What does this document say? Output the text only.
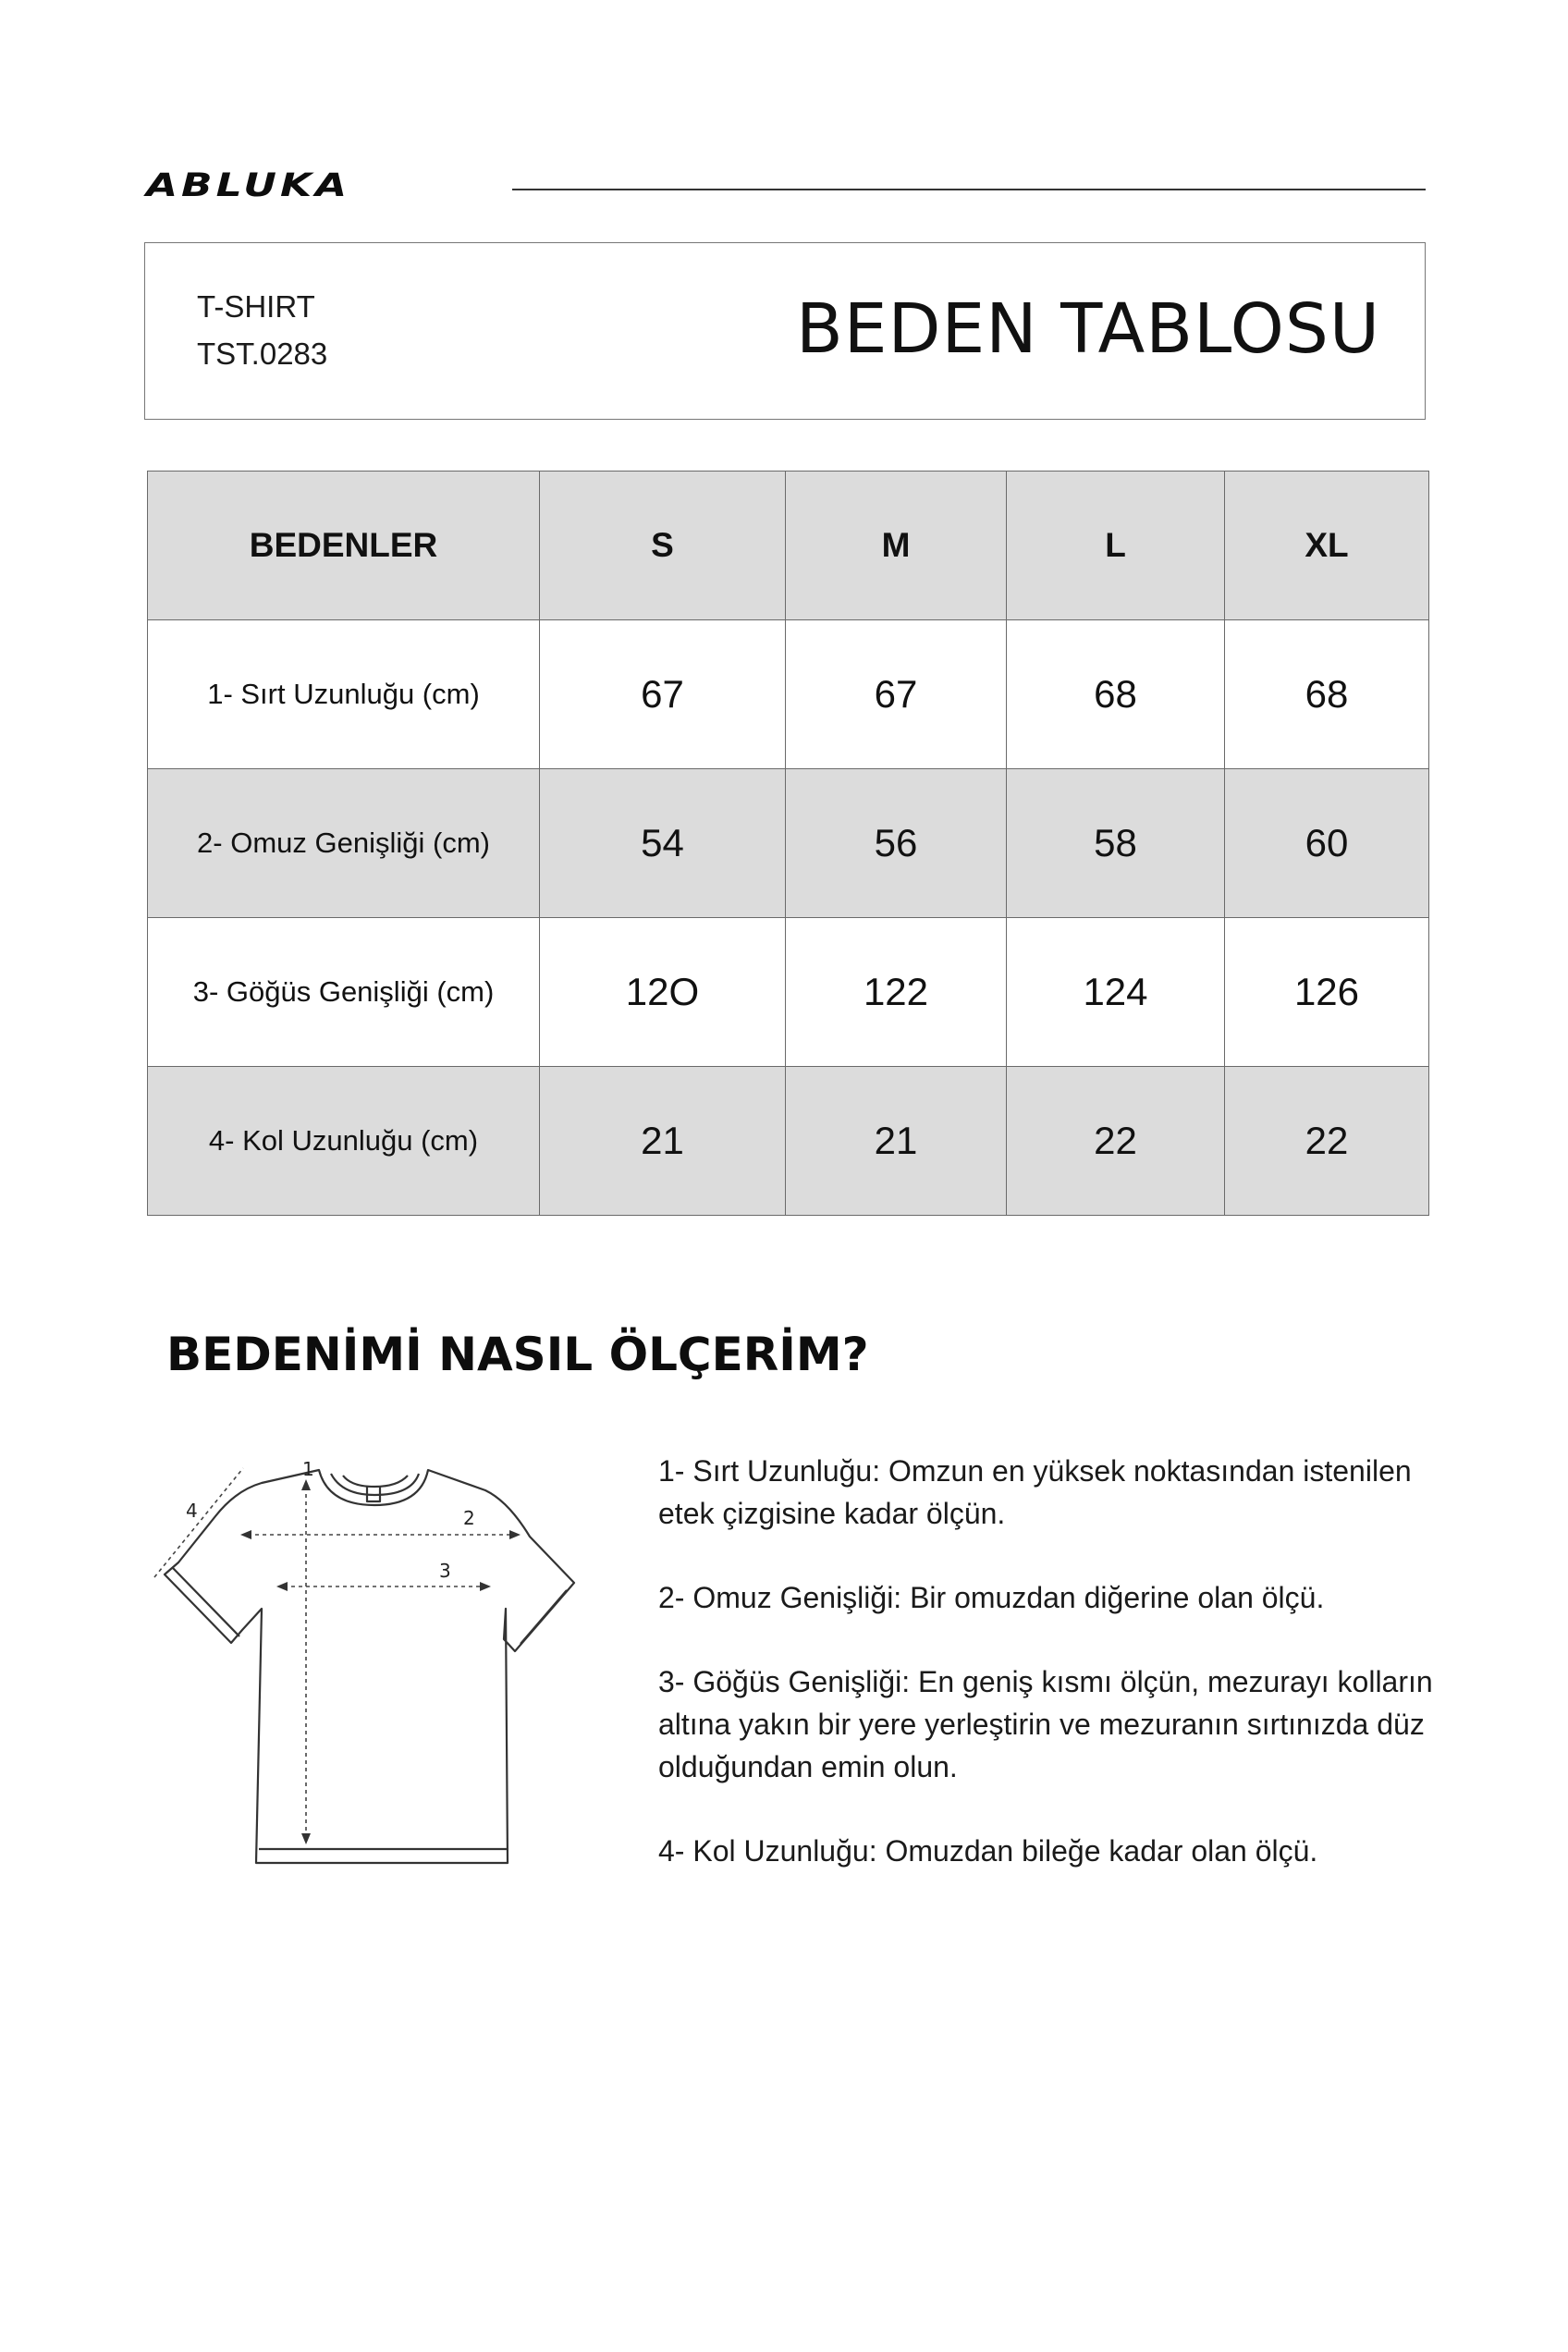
ABLUKA
T-SHIRT
TST.0283	BEDEN TABLOSU
BEDENLER	S	M	L	XL
1- Sırt Uzunluğu (cm)	67	67	68	68
2- Omuz Genişliği (cm)	54	56	58	60
3- Göğüs Genişliği (cm)	12O	122	124	126
4- Kol Uzunluğu (cm)	21	21	22	22
BEDENİMİ NASIL ÖLÇERİM?
1
2
3
4

1- Sırt Uzunluğu: Omzun en yüksek noktasından istenilen etek çizgisine kadar ölçün.

2- Omuz Genişliği: Bir omuzdan diğerine olan ölçü.

3- Göğüs Genişliği: En geniş kısmı ölçün, mezurayı kolların altına yakın bir yere yerleştirin ve mezuranın sırtınızda düz olduğundan emin olun.

4- Kol Uzunluğu: Omuzdan bileğe kadar olan ölçü.
